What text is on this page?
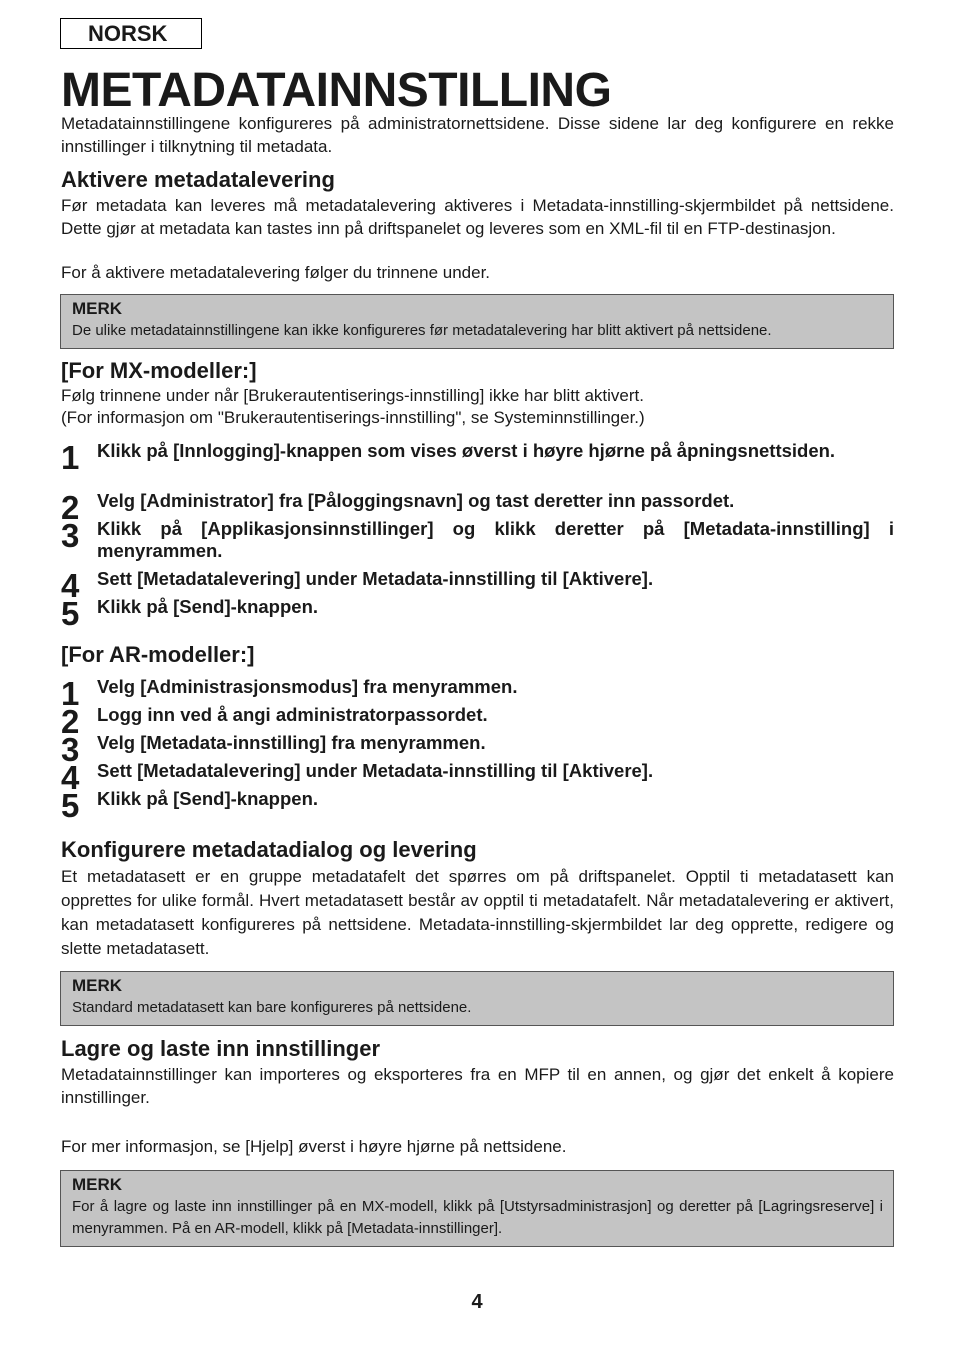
NORSK
METADATAINNSTILLING

Metadatainnstillingene konfigureres på administratornettsidene. Disse sidene lar deg konfigurere en rekke innstillinger i tilknytning til metadata.

Aktivere metadatalevering

Før metadata kan leveres må metadatalevering aktiveres i Metadata-innstilling-skjermbildet på nettsidene. Dette gjør at metadata kan tastes inn på driftspanelet og leveres som en XML-fil til en FTP-destinasjon.

For å aktivere metadatalevering følger du trinnene under.

MERK
De ulike metadatainnstillingene kan ikke konfigureres før metadatalevering har blitt aktivert på nettsidene.
[For MX-modeller:]

Følg trinnene under når [Brukerautentiserings-innstilling] ikke har blitt aktivert.

(For informasjon om "Brukerautentiserings-innstilling", se Systeminnstillinger.)

1 Klikk på [Innlogging]-knappen som vises øverst i høyre hjørne på åpningsnettsiden.
2 Velg [Administrator] fra [Påloggingsnavn] og tast deretter inn passordet.
3 Klikk på [Applikasjonsinnstillinger] og klikk deretter på [Metadata-innstilling] i menyrammen.
4 Sett [Metadatalevering] under Metadata-innstilling til [Aktivere].
5 Klikk på [Send]-knappen.
[For AR-modeller:]
1 Velg [Administrasjonsmodus] fra menyrammen.
2 Logg inn ved å angi administratorpassordet.
3 Velg [Metadata-innstilling] fra menyrammen.
4 Sett [Metadatalevering] under Metadata-innstilling til [Aktivere].
5 Klikk på [Send]-knappen.
Konfigurere metadatadialog og levering

Et metadatasett er en gruppe metadatafelt det spørres om på driftspanelet. Opptil ti metadatasett kan opprettes for ulike formål. Hvert metadatasett består av opptil ti metadatafelt. Når metadatalevering er aktivert, kan metadatasett konfigureres på nettsidene. Metadata-innstilling-skjermbildet lar deg opprette, redigere og slette metadatasett.

MERK
Standard metadatasett kan bare konfigureres på nettsidene.
Lagre og laste inn innstillinger

Metadatainnstillinger kan importeres og eksporteres fra en MFP til en annen, og gjør det enkelt å kopiere innstillinger.

For mer informasjon, se [Hjelp] øverst i høyre hjørne på nettsidene.

MERK
For å lagre og laste inn innstillinger på en MX-modell, klikk på [Utstyrsadministrasjon] og deretter på [Lagringsreserve] i menyrammen. På en AR-modell, klikk på [Metadata-innstillinger].
4
